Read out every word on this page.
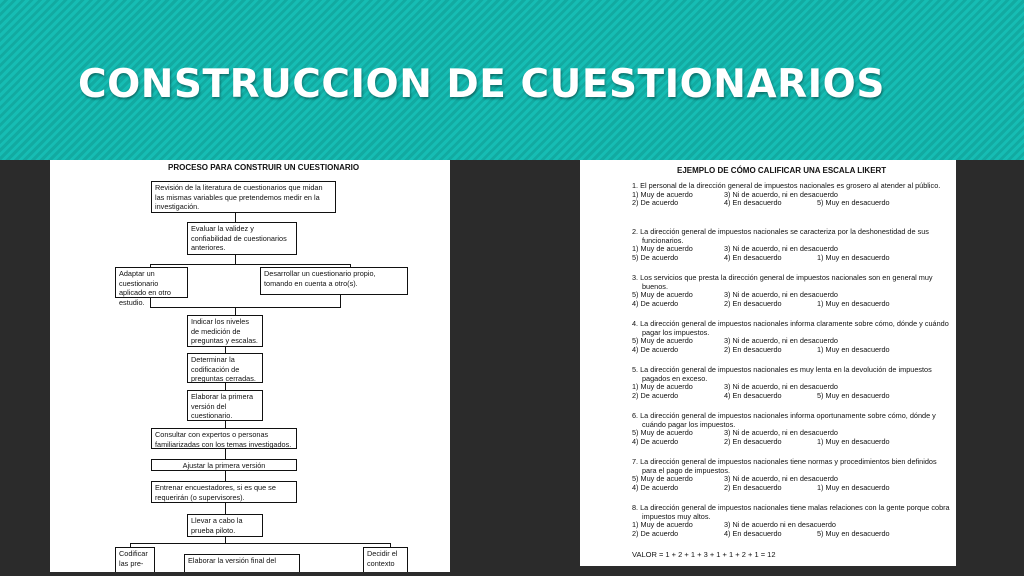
CONSTRUCCION DE CUESTIONARIOS
PROCESO PARA CONSTRUIR UN CUESTIONARIO
Revisión de la literatura de cuestionarios que midan las mismas variables que pretendemos medir en la investigación.
Evaluar la validez y confiabilidad de cuestionarios anteriores.
Adaptar un cuestionario aplicado en otro estudio.
Desarrollar un cuestionario propio, tomando en cuenta a otro(s).
Indicar los niveles de medición de preguntas y escalas.
Determinar la codificación de preguntas cerradas.
Elaborar la primera versión del cuestionario.
Consultar con expertos o personas familiarizadas con los temas investigados.
Ajustar la primera versión
Entrenar encuestadores, si es que se requerirán (o supervisores).
Llevar a cabo la prueba piloto.
Codificar las pre-	Elaborar la versión final del
Decidir el contexto
EJEMPLO DE CÓMO CALIFICAR UNA ESCALA LIKERT
1. El personal de la dirección general de impuestos nacionales es grosero al atender al público.
1) Muy de acuerdo	3) Ni de acuerdo, ni en desacuerdo
2) De acuerdo	4) En desacuerdo	5) Muy en desacuerdo
2. La dirección general de impuestos nacionales se caracteriza por la deshonestidad de sus funcionarios.
1) Muy de acuerdo	3) Ni de acuerdo, ni en desacuerdo
5) De acuerdo	4) En desacuerdo	1) Muy en desacuerdo
3. Los servicios que presta la dirección general de impuestos nacionales son en general muy buenos.
5) Muy de acuerdo	3) Ni de acuerdo, ni en desacuerdo
4) De acuerdo	2) En desacuerdo	1) Muy en desacuerdo
4. La dirección general de impuestos nacionales informa claramente sobre cómo, dónde y cuándo pagar los impuestos.
5) Muy de acuerdo	3) Ni de acuerdo, ni en desacuerdo
4) De acuerdo	2) En desacuerdo	1) Muy en desacuerdo
5. La dirección general de impuestos nacionales es muy lenta en la devolución de impuestos pagados en exceso.
1) Muy de acuerdo	3) Ni de acuerdo, ni en desacuerdo
2) De acuerdo	4) En desacuerdo	5) Muy en desacuerdo
6. La dirección general de impuestos nacionales informa oportunamente sobre cómo, dónde y cuándo pagar los impuestos.
5) Muy de acuerdo	3) Ni de acuerdo, ni en desacuerdo
4) De acuerdo	2) En desacuerdo	1) Muy en desacuerdo
7. La dirección general de impuestos nacionales tiene normas y procedimientos bien definidos para el pago de impuestos.
5) Muy de acuerdo	3) Ni de acuerdo, ni en desacuerdo
4) De acuerdo	2) En desacuerdo	1) Muy en desacuerdo
8. La dirección general de impuestos nacionales tiene malas relaciones con la gente porque cobra impuestos muy altos.
1) Muy de acuerdo	3) Ni de acuerdo ni en desacuerdo
2) De acuerdo	4) En desacuerdo	5) Muy en desacuerdo
VALOR = 1 + 2 + 1 + 3 + 1 + 1 + 2 + 1 = 12
